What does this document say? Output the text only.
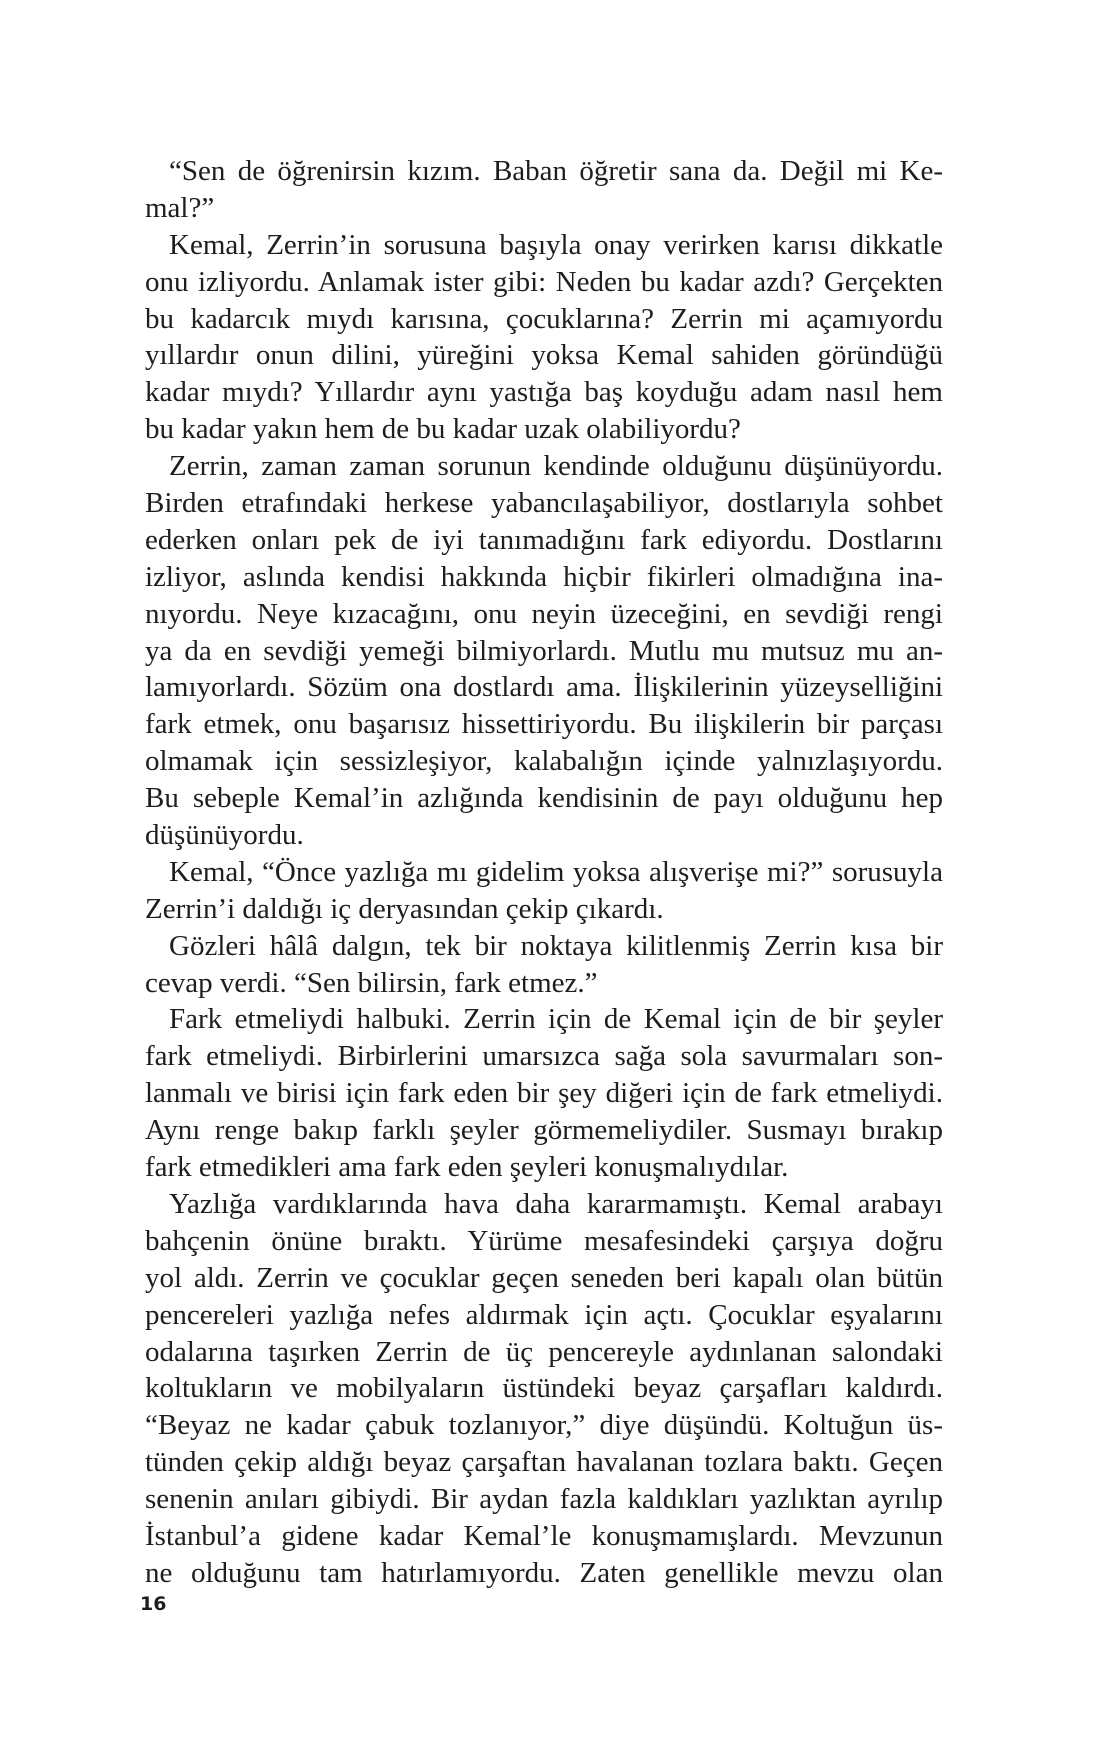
“Sen de öğrenirsin kızım. Baban öğretir sana da. Değil mi Ke-
mal?”
Kemal, Zerrin’in sorusuna başıyla onay verirken karısı dikkatle
onu izliyordu. Anlamak ister gibi: Neden bu kadar azdı? Gerçekten
bu kadarcık mıydı karısına, çocuklarına? Zerrin mi açamıyordu
yıllardır onun dilini, yüreğini yoksa Kemal sahiden göründüğü
kadar mıydı? Yıllardır aynı yastığa baş koyduğu adam nasıl hem
bu kadar yakın hem de bu kadar uzak olabiliyordu?
Zerrin, zaman zaman sorunun kendinde olduğunu düşünüyordu.
Birden etrafındaki herkese yabancılaşabiliyor, dostlarıyla sohbet
ederken onları pek de iyi tanımadığını fark ediyordu. Dostlarını
izliyor, aslında kendisi hakkında hiçbir fikirleri olmadığına ina-
nıyordu. Neye kızacağını, onu neyin üzeceğini, en sevdiği rengi
ya da en sevdiği yemeği bilmiyorlardı. Mutlu mu mutsuz mu an-
lamıyorlardı. Sözüm ona dostlardı ama. İlişkilerinin yüzeyselliğini
fark etmek, onu başarısız hissettiriyordu. Bu ilişkilerin bir parçası
olmamak için sessizleşiyor, kalabalığın içinde yalnızlaşıyordu.
Bu sebeple Kemal’in azlığında kendisinin de payı olduğunu hep
düşünüyordu.
Kemal, “Önce yazlığa mı gidelim yoksa alışverişe mi?” sorusuyla
Zerrin’i daldığı iç deryasından çekip çıkardı.
Gözleri hâlâ dalgın, tek bir noktaya kilitlenmiş Zerrin kısa bir
cevap verdi. “Sen bilirsin, fark etmez.”
Fark etmeliydi halbuki. Zerrin için de Kemal için de bir şeyler
fark etmeliydi. Birbirlerini umarsızca sağa sola savurmaları son-
lanmalı ve birisi için fark eden bir şey diğeri için de fark etmeliydi.
Aynı renge bakıp farklı şeyler görmemeliydiler. Susmayı bırakıp
fark etmedikleri ama fark eden şeyleri konuşmalıydılar.
Yazlığa vardıklarında hava daha kararmamıştı. Kemal arabayı
bahçenin önüne bıraktı. Yürüme mesafesindeki çarşıya doğru
yol aldı. Zerrin ve çocuklar geçen seneden beri kapalı olan bütün
pencereleri yazlığa nefes aldırmak için açtı. Çocuklar eşyalarını
odalarına taşırken Zerrin de üç pencereyle aydınlanan salondaki
koltukların ve mobilyaların üstündeki beyaz çarşafları kaldırdı.
“Beyaz ne kadar çabuk tozlanıyor,” diye düşündü. Koltuğun üs-
tünden çekip aldığı beyaz çarşaftan havalanan tozlara baktı. Geçen
senenin anıları gibiydi. Bir aydan fazla kaldıkları yazlıktan ayrılıp
İstanbul’a gidene kadar Kemal’le konuşmamışlardı. Mevzunun
ne olduğunu tam hatırlamıyordu. Zaten genellikle mevzu olan
16
